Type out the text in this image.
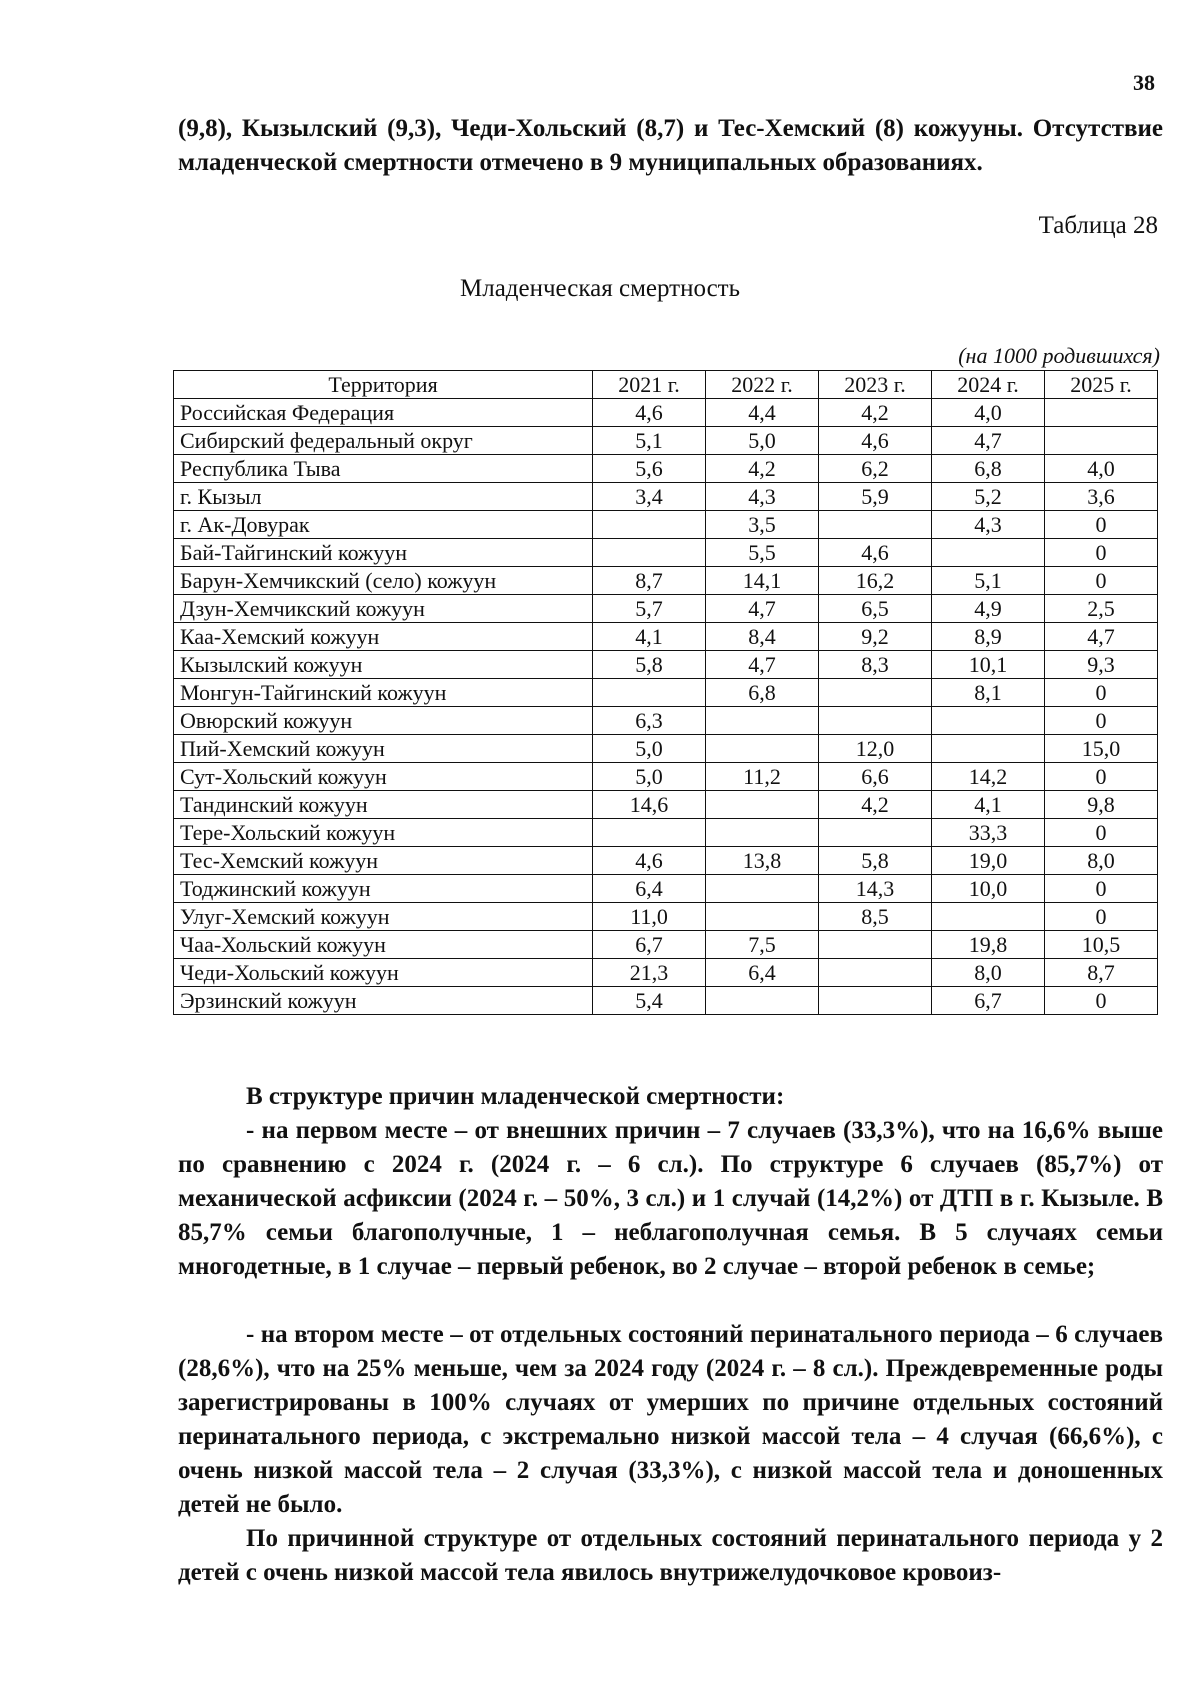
38

(9,8), Кызылский (9,3), Чеди-Хольский (8,7) и Тес-Хемский (8) кожууны. Отсутствие младенческой смертности отмечено в 9 муниципальных образованиях.

Таблица 28
Младенческая смертность
(на 1000 родившихся)
Территория	2021 г.	2022 г.	2023 г.	2024 г.	2025 г.
Российская Федерация	4,6	4,4	4,2	4,0	
Сибирский федеральный округ	5,1	5,0	4,6	4,7	
Республика Тыва	5,6	4,2	6,2	6,8	4,0
г. Кызыл	3,4	4,3	5,9	5,2	3,6
г. Ак-Довурак		3,5		4,3	0
Бай-Тайгинский кожуун		5,5	4,6		0
Барун-Хемчикский (село) кожуун	8,7	14,1	16,2	5,1	0
Дзун-Хемчикский кожуун	5,7	4,7	6,5	4,9	2,5
Каа-Хемский кожуун	4,1	8,4	9,2	8,9	4,7
Кызылский кожуун	5,8	4,7	8,3	10,1	9,3
Монгун-Тайгинский кожуун		6,8		8,1	0
Овюрский кожуун	6,3				0
Пий-Хемский кожуун	5,0		12,0		15,0
Сут-Хольский кожуун	5,0	11,2	6,6	14,2	0
Тандинский кожуун	14,6		4,2	4,1	9,8
Тере-Хольский кожуун				33,3	0
Тес-Хемский кожуун	4,6	13,8	5,8	19,0	8,0
Тоджинский кожуун	6,4		14,3	10,0	0
Улуг-Хемский кожуун	11,0		8,5		0
Чаа-Хольский кожуун	6,7	7,5		19,8	10,5
Чеди-Хольский кожуун	21,3	6,4		8,0	8,7
Эрзинский кожуун	5,4			6,7	0

В структуре причин младенческой смертности:

- на первом месте – от внешних причин – 7 случаев (33,3%), что на 16,6% выше по сравнению с 2024 г. (2024 г. – 6 сл.). По структуре 6 случаев (85,7%) от механической асфиксии (2024 г. – 50%, 3 сл.) и 1 случай (14,2%) от ДТП в г. Кызыле. В 85,7% семьи благополучные, 1 – неблагополучная семья. В 5 случаях семьи многодетные, в 1 случае – первый ребенок, во 2 случае – второй ребенок в семье;

- на втором месте – от отдельных состояний перинатального периода – 6 случаев (28,6%), что на 25% меньше, чем за 2024 году (2024 г. – 8 сл.). Преждевременные роды зарегистрированы в 100% случаях от умерших по причине отдельных состояний перинатального периода, с экстремально низкой массой тела – 4 случая (66,6%), с очень низкой массой тела – 2 случая (33,3%), с низкой массой тела и доношенных детей не было.

По причинной структуре от отдельных состояний перинатального периода у 2 детей с очень низкой массой тела явилось внутрижелудочковое кровоиз-
